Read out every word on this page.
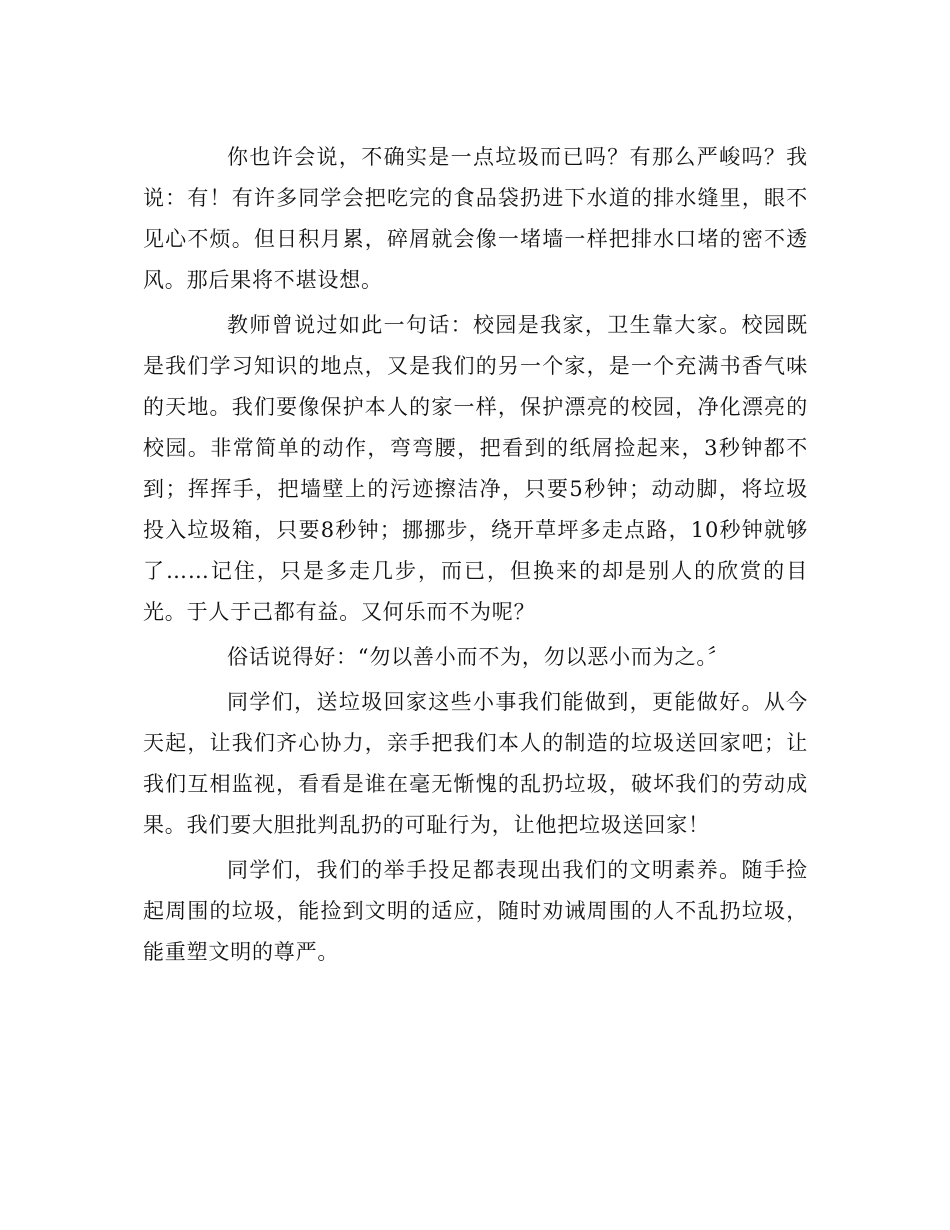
你也许会说，不确实是一点垃圾而已吗？有那么严峻吗？我说：有！有许多同学会把吃完的食品袋扔进下水道的排水缝里，眼不见心不烦。但日积月累，碎屑就会像一堵墙一样把排水口堵的密不透风。那后果将不堪设想。

教师曾说过如此一句话：校园是我家，卫生靠大家。校园既是我们学习知识的地点，又是我们的另一个家，是一个充满书香气味的天地。我们要像保护本人的家一样，保护漂亮的校园，净化漂亮的校园。非常简单的动作，弯弯腰，把看到的纸屑捡起来，3秒钟都不到；挥挥手，把墙壁上的污迹擦洁净，只要5秒钟；动动脚，将垃圾投入垃圾箱，只要8秒钟；挪挪步，绕开草坪多走点路，10秒钟就够了……记住，只是多走几步，而已，但换来的却是别人的欣赏的目光。于人于己都有益。又何乐而不为呢？

俗话说得好：“勿以善小而不为，勿以恶小而为之。〞

同学们，送垃圾回家这些小事我们能做到，更能做好。从今天起，让我们齐心协力，亲手把我们本人的制造的垃圾送回家吧；让我们互相监视，看看是谁在毫无惭愧的乱扔垃圾，破坏我们的劳动成果。我们要大胆批判乱扔的可耻行为，让他把垃圾送回家！

同学们，我们的举手投足都表现出我们的文明素养。随手捡起周围的垃圾，能捡到文明的适应，随时劝诫周围的人不乱扔垃圾，能重塑文明的尊严。
